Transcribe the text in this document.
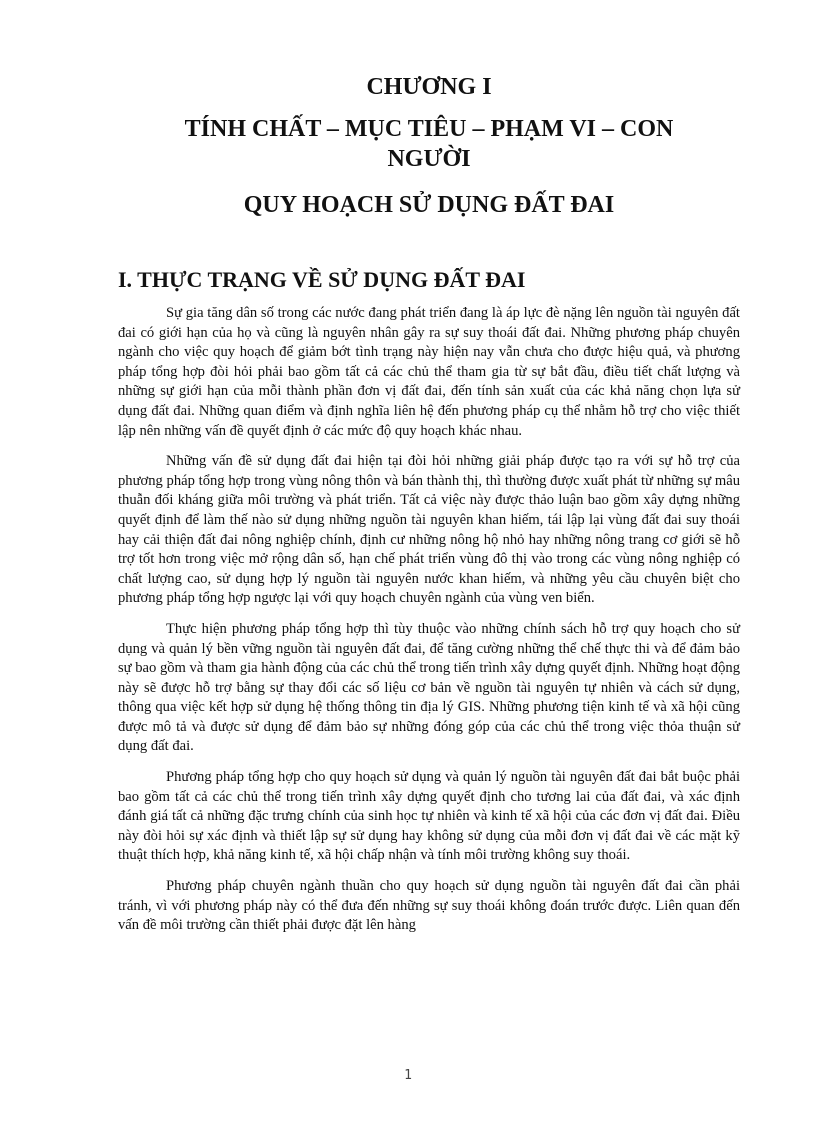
CHƯƠNG I
TÍNH CHẤT – MỤC TIÊU – PHẠM VI – CON
NGƯỜI
QUY HOẠCH SỬ DỤNG ĐẤT ĐAI
I. THỰC TRẠNG VỀ SỬ DỤNG ĐẤT ĐAI

Sự gia tăng dân số trong các nước đang phát triển đang là áp lực đè nặng lên nguồn tài nguyên đất đai có giới hạn của họ và cũng là nguyên nhân gây ra sự suy thoái đất đai. Những phương pháp chuyên ngành cho việc quy hoạch để giảm bớt tình trạng này hiện nay vẫn chưa cho được hiệu quả, và phương pháp tổng hợp đòi hỏi phải bao gồm tất cả các chủ thể tham gia từ sự bắt đầu, điều tiết chất lượng và những sự giới hạn của mỗi thành phần đơn vị đất đai, đến tính sản xuất của các khả năng chọn lựa sử dụng đất đai. Những quan điểm và định nghĩa liên hệ đến phương pháp cụ thể nhằm hỗ trợ cho việc thiết lập nên những vấn đề quyết định ở các mức độ quy hoạch khác nhau.

Những vấn đề sử dụng đất đai hiện tại đòi hỏi những giải pháp được tạo ra với sự hỗ trợ của phương pháp tổng hợp trong vùng nông thôn và bán thành thị, thì thường được xuất phát từ những sự mâu thuẫn đối kháng giữa môi trường và phát triển. Tất cả việc này được thảo luận bao gồm xây dựng những quyết định để làm thế nào sử dụng những nguồn tài nguyên khan hiếm, tái lập lại vùng đất đai suy thoái hay cải thiện đất đai nông nghiệp chính, định cư những nông hộ nhỏ hay những nông trang cơ giới sẽ hỗ trợ tốt hơn trong việc mở rộng dân số, hạn chế phát triển vùng đô thị vào trong các vùng nông nghiệp có chất lượng cao, sử dụng hợp lý nguồn tài nguyên nước khan hiếm, và những yêu cầu chuyên biệt cho phương pháp tổng hợp ngược lại với quy hoạch chuyên ngành của vùng ven biển.

Thực hiện phương pháp tổng hợp thì tùy thuộc vào những chính sách hỗ trợ quy hoạch cho sử dụng và quản lý bền vững nguồn tài nguyên đất đai, để tăng cường những thể chế thực thi và để đảm bảo sự bao gồm và tham gia hành động của các chủ thể trong tiến trình xây dựng quyết định. Những hoạt động này sẽ được hỗ trợ bằng sự thay đổi các số liệu cơ bản về nguồn tài nguyên tự nhiên và cách sử dụng, thông qua việc kết hợp sử dụng hệ thống thông tin địa lý GIS. Những phương tiện kinh tế và xã hội cũng được mô tả và được sử dụng để đảm bảo sự những đóng góp của các chủ thể trong việc thỏa thuận sử dụng đất đai.

Phương pháp tổng hợp cho quy hoạch sử dụng và quản lý nguồn tài nguyên đất đai bắt buộc phải bao gồm tất cả các chủ thể trong tiến trình xây dựng quyết định cho tương lai của đất đai, và xác định đánh giá tất cả những đặc trưng chính của sinh học tự nhiên và kinh tế xã hội của các đơn vị đất đai. Điều này đòi hỏi sự xác định và thiết lập sự sử dụng hay không sử dụng của mỗi đơn vị đất đai về các mặt kỹ thuật thích hợp, khả năng kinh tế, xã hội chấp nhận và tính môi trường không suy thoái.

Phương pháp chuyên ngành thuần cho quy hoạch sử dụng nguồn tài nguyên đất đai cần phải tránh, vì với phương pháp này có thể đưa đến những sự suy thoái không đoán trước được. Liên quan đến vấn đề môi trường cần thiết phải được đặt lên hàng

1
